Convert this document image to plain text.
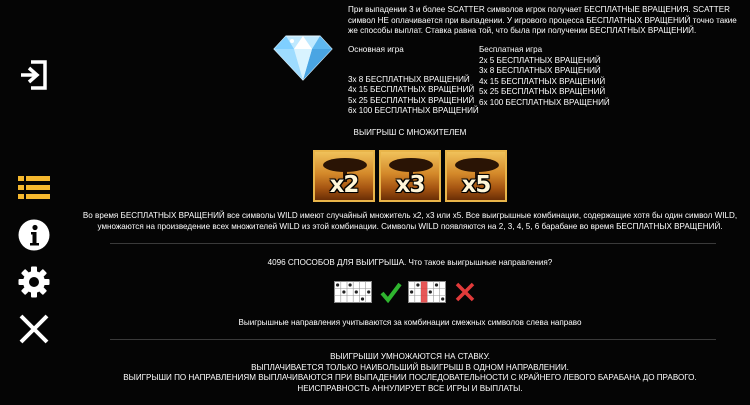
При выпадении 3 и более SCATTER символов игрок получает БЕСПЛАТНЫЕ ВРАЩЕНИЯ. SCATTER символ НЕ оплачивается при выпадении. У игрового процесса БЕСПЛАТНЫХ ВРАЩЕНИЙ точно такие же способы выплат. Ставка равна той, что была при получении БЕСПЛАТНЫХ ВРАЩЕНИЙ.
Основная игра
3x 8 БЕСПЛАТНЫХ ВРАЩЕНИЙ
4x 15 БЕСПЛАТНЫХ ВРАЩЕНИЙ
5x 25 БЕСПЛАТНЫХ ВРАЩЕНИЙ
6x 100 БЕСПЛАТНЫХ ВРАЩЕНИЙ
Бесплатная игра
2x 5 БЕСПЛАТНЫХ ВРАЩЕНИЙ
3x 8 БЕСПЛАТНЫХ ВРАЩЕНИЙ
4x 15 БЕСПЛАТНЫХ ВРАЩЕНИЙ
5x 25 БЕСПЛАТНЫХ ВРАЩЕНИЙ
6x 100 БЕСПЛАТНЫХ ВРАЩЕНИЙ
ВЫИГРЫШ С МНОЖИТЕЛЕМ
x2	x3	x5
Во время БЕСПЛАТНЫХ ВРАЩЕНИЙ все символы WILD имеют случайный множитель x2, x3 или x5. Все выигрышные комбинации, содержащие хотя бы один символ WILD,
умножаются на произведение всех множителей WILD из этой комбинации. Символы WILD появляются на 2, 3, 4, 5, 6 барабане во время БЕСПЛАТНЫХ ВРАЩЕНИЙ.
4096 СПОСОБОВ ДЛЯ ВЫИГРЫША. Что такое выигрышные направления?
Выигрышные направления учитываются за комбинации смежных символов слева направо
ВЫИГРЫШИ УМНОЖАЮТСЯ НА СТАВКУ.
ВЫПЛАЧИВАЕТСЯ ТОЛЬКО НАИБОЛЬШИЙ ВЫИГРЫШ В ОДНОМ НАПРАВЛЕНИИ.
ВЫИГРЫШИ ПО НАПРАВЛЕНИЯМ ВЫПЛАЧИВАЮТСЯ ПРИ ВЫПАДЕНИИ ПОСЛЕДОВАТЕЛЬНОСТИ С КРАЙНЕГО ЛЕВОГО БАРАБАНА ДО ПРАВОГО.
НЕИСПРАВНОСТЬ АННУЛИРУЕТ ВСЕ ИГРЫ И ВЫПЛАТЫ.
